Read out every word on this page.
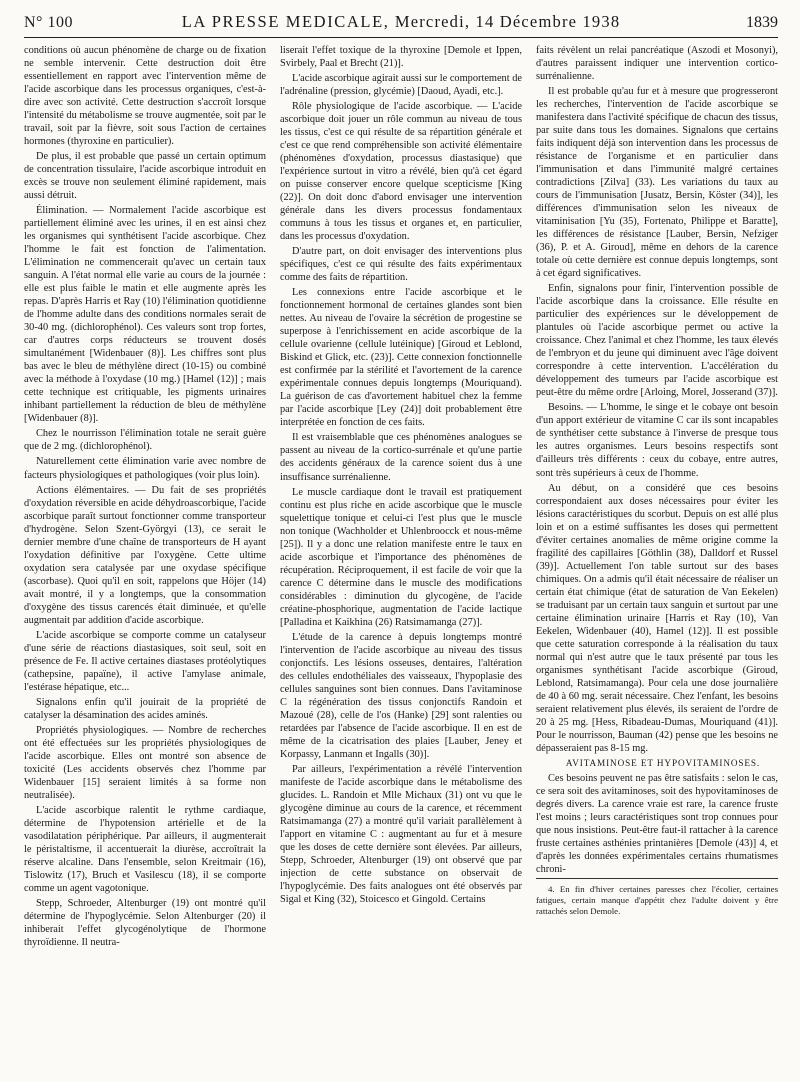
N° 100	LA PRESSE MEDICALE, Mercredi, 14 Décembre 1938	1839

conditions où aucun phénomène de charge ou de fixation ne semble intervenir. Cette destruction doit être essentiellement en rapport avec l'intervention même de l'acide ascorbique dans les processus organiques, c'est-à-dire avec son activité. Cette destruction s'accroît lorsque l'intensité du métabolisme se trouve augmentée, soit par le travail, soit par la fièvre, soit sous l'action de certaines hormones (thyroxine en particulier).

De plus, il est probable que passé un certain optimum de concentration tissulaire, l'acide ascorbique introduit en excès se trouve non seulement éliminé rapidement, mais aussi détruit.

Élimination. — Normalement l'acide ascorbique est partiellement éliminé avec les urines, il en est ainsi chez les organismes qui synthétisent l'acide ascorbique. Chez l'homme le fait est fonction de l'alimentation. L'élimination ne commencerait qu'avec un certain taux sanguin. A l'état normal elle varie au cours de la journée : elle est plus faible le matin et elle augmente après les repas. D'après Harris et Ray (10) l'élimination quotidienne de l'homme adulte dans des conditions normales serait de 30-40 mg. (dichlorophénol). Ces valeurs sont trop fortes, car d'autres corps réducteurs se trouvent dosés simultanément [Widenbauer (8)]. Les chiffres sont plus bas avec le bleu de méthylène direct (10-15) ou combiné avec la méthode à l'oxydase (10 mg.) [Hamel (12)] ; mais cette technique est critiquable, les pigments urinaires inhibant partiellement la réduction de bleu de méthylène [Widenbauer (8)].

Chez le nourrisson l'élimination totale ne serait guère que de 2 mg. (dichlorophénol).

Naturellement cette élimination varie avec nombre de facteurs physiologiques et pathologiques (voir plus loin).

Actions élémentaires. — Du fait de ses propriétés d'oxydation réversible en acide déhydroascorbique, l'acide ascorbique paraît surtout fonctionner comme transporteur d'hydrogène. Selon Szent-Györgyi (13), ce serait le dernier membre d'une chaîne de transporteurs de H ayant l'oxydation définitive par l'oxygène. Cette ultime oxydation sera catalysée par une oxydase spécifique (ascorbase). Quoi qu'il en soit, rappelons que Höjer (14) avait montré, il y a longtemps, que la consommation d'oxygène des tissus carencés était diminuée, et qu'elle augmentait par addition d'acide ascorbique.

L'acide ascorbique se comporte comme un catalyseur d'une série de réactions diastasiques, soit seul, soit en présence de Fe. Il active certaines diastases protéolytiques (cathepsine, papaïne), il active l'amylase animale, l'estérase hépatique, etc...

Signalons enfin qu'il jouirait de la propriété de catalyser la désamination des acides aminés.

Propriétés physiologiques. — Nombre de recherches ont été effectuées sur les propriétés physiologiques de l'acide ascorbique. Elles ont montré son absence de toxicité (Les accidents observés chez l'homme par Widenbauer [15] seraient limités à sa forme non neutralisée).

L'acide ascorbique ralentit le rythme cardiaque, détermine de l'hypotension artérielle et de la vasodilatation périphérique. Par ailleurs, il augmenterait le péristaltisme, il accentuerait la diurèse, accroîtrait la réserve alcaline. Dans l'ensemble, selon Kreitmair (16), Tislowitz (17), Bruch et Vasilescu (18), il se comporte comme un agent vagotonique.

Stepp, Schroeder, Altenburger (19) ont montré qu'il détermine de l'hypoglycémie. Selon Altenburger (20) il inhiberait l'effet glycogénolytique de l'hormone thyroïdienne. Il neutra-

liserait l'effet toxique de la thyroxine [Demole et Ippen, Svirbely, Paal et Brecht (21)].

L'acide ascorbique agirait aussi sur le comportement de l'adrénaline (pression, glycémie) [Daoud, Ayadi, etc.].

Rôle physiologique de l'acide ascorbique. — L'acide ascorbique doit jouer un rôle commun au niveau de tous les tissus, c'est ce qui résulte de sa répartition générale et c'est ce que rend compréhensible son activité élémentaire (phénomènes d'oxydation, processus diastasique) que l'expérience surtout in vitro a révélé, bien qu'à cet égard on puisse conserver encore quelque scepticisme [King (22)]. On doit donc d'abord envisager une intervention générale dans les divers processus fondamentaux communs à tous les tissus et organes et, en particulier, dans les processus d'oxydation.

D'autre part, on doit envisager des interventions plus spécifiques, c'est ce qui résulte des faits expérimentaux comme des faits de répartition.

Les connexions entre l'acide ascorbique et le fonctionnement hormonal de certaines glandes sont bien nettes. Au niveau de l'ovaire la sécrétion de progestine se superpose à l'enrichissement en acide ascorbique de la cellule ovarienne (cellule lutéinique) [Giroud et Leblond, Biskind et Glick, etc. (23)]. Cette connexion fonctionnelle est confirmée par la stérilité et l'avortement de la carence expérimentale connues depuis longtemps (Mouriquand). La guérison de cas d'avortement habituel chez la femme par l'acide ascorbique [Ley (24)] doit probablement être interprétée en fonction de ces faits.

Il est vraisemblable que ces phénomènes analogues se passent au niveau de la cortico-surrénale et qu'une partie des accidents généraux de la carence soient dus à une insuffisance surrénalienne.

Le muscle cardiaque dont le travail est pratiquement continu est plus riche en acide ascorbique que le muscle squelettique tonique et celui-ci l'est plus que le muscle non tonique (Wachholder et Uhlenbroocck et nous-même [25]). Il y a donc une relation manifeste entre le taux en acide ascorbique et l'importance des phénomènes de récupération. Réciproquement, il est facile de voir que la carence C détermine dans le muscle des modifications considérables : diminution du glycogène, de l'acide créatine-phosphorique, augmentation de l'acide lactique [Palladina et Kaikhina (26) Ratsimamanga (27)].

L'étude de la carence à depuis longtemps montré l'intervention de l'acide ascorbique au niveau des tissus conjonctifs. Les lésions osseuses, dentaires, l'altération des cellules endothéliales des vaisseaux, l'hypoplasie des cellules sanguines sont bien connues. Dans l'avitaminose C la régénération des tissus conjonctifs Randoin et Mazoué (28), celle de l'os (Hanke) [29] sont ralenties ou retardées par l'absence de l'acide ascorbique. Il en est de même de la cicatrisation des plaies [Lauber, Jeney et Korpassy, Lanmann et Ingalls (30)].

Par ailleurs, l'expérimentation a révélé l'intervention manifeste de l'acide ascorbique dans le métabolisme des glucides. L. Randoin et Mlle Michaux (31) ont vu que le glycogène diminue au cours de la carence, et récemment Ratsimamanga (27) a montré qu'il variait parallèlement à l'apport en vitamine C : augmentant au fur et à mesure que les doses de cette dernière sont élevées. Par ailleurs, Stepp, Schroeder, Altenburger (19) ont observé que par injection de cette substance on observait de l'hypoglycémie. Des faits analogues ont été observés par Sigal et King (32), Stoicesco et Gingold. Certains

faits révèlent un relai pancréatique (Aszodi et Mosonyi), d'autres paraissent indiquer une intervention cortico-surrénalienne.

Il est probable qu'au fur et à mesure que progresseront les recherches, l'intervention de l'acide ascorbique se manifestera dans l'activité spécifique de chacun des tissus, par suite dans tous les domaines. Signalons que certains faits indiquent déjà son intervention dans les processus de résistance de l'organisme et en particulier dans l'immunisation et dans l'immunité malgré certaines contradictions [Zilva] (33). Les variations du taux au cours de l'immunisation [Jusatz, Bersin, Köster (34)], les différences d'immunisation selon les niveaux de vitaminisation [Yu (35), Fortenato, Philippe et Baratte], les différences de résistance [Lauber, Bersin, Nefziger (36), P. et A. Giroud], même en dehors de la carence totale où cette dernière est connue depuis longtemps, sont à cet égard significatives.

Enfin, signalons pour finir, l'intervention possible de l'acide ascorbique dans la croissance. Elle résulte en particulier des expériences sur le développement de plantules où l'acide ascorbique permet ou active la croissance. Chez l'animal et chez l'homme, les taux élevés de l'embryon et du jeune qui diminuent avec l'âge doivent correspondre à cette intervention. L'accélération du développement des tumeurs par l'acide ascorbique est peut-être du même ordre [Arloing, Morel, Josserand (37)].

Besoins. — L'homme, le singe et le cobaye ont besoin d'un apport extérieur de vitamine C car ils sont incapables de synthétiser cette substance à l'inverse de presque tous les autres organismes. Leurs besoins respectifs sont d'ailleurs très différents : ceux du cobaye, entre autres, sont très supérieurs à ceux de l'homme.

Au début, on a considéré que ces besoins correspondaient aux doses nécessaires pour éviter les lésions caractéristiques du scorbut. Depuis on est allé plus loin et on a estimé suffisantes les doses qui permettent d'éviter certaines anomalies de même origine comme la fragilité des capillaires [Göthlin (38), Dalldorf et Russel (39)]. Actuellement l'on table surtout sur des bases chimiques. On a admis qu'il était nécessaire de réaliser un certain état chimique (état de saturation de Van Eekelen) se traduisant par un certain taux sanguin et surtout par une certaine élimination urinaire [Harris et Ray (10), Van Eekelen, Widenbauer (40), Hamel (12)]. Il est possible que cette saturation corresponde à la réalisation du taux normal qui n'est autre que le taux présenté par tous les organismes synthétisant l'acide ascorbique (Giroud, Leblond, Ratsimamanga). Pour cela une dose journalière de 40 à 60 mg. serait nécessaire. Chez l'enfant, les besoins seraient relativement plus élevés, ils seraient de l'ordre de 20 à 25 mg. [Hess, Ribadeau-Dumas, Mouriquand (41)]. Pour le nourrisson, Bauman (42) pense que les besoins ne dépasseraient pas 8-15 mg.

AVITAMINOSE ET HYPOVITAMINOSES.

Ces besoins peuvent ne pas être satisfaits : selon le cas, ce sera soit des avitaminoses, soit des hypovitaminoses de degrés divers. La carence vraie est rare, la carence fruste l'est moins ; leurs caractéristiques sont trop connues pour que nous insistions. Peut-être faut-il rattacher à la carence fruste certaines asthénies printanières [Demole (43)] 4, et d'après les données expérimentales certains rhumatismes chroni-

4. En fin d'hiver certaines paresses chez l'écolier, certaines fatigues, certain manque d'appétit chez l'adulte doivent y être rattachés selon Demole.
